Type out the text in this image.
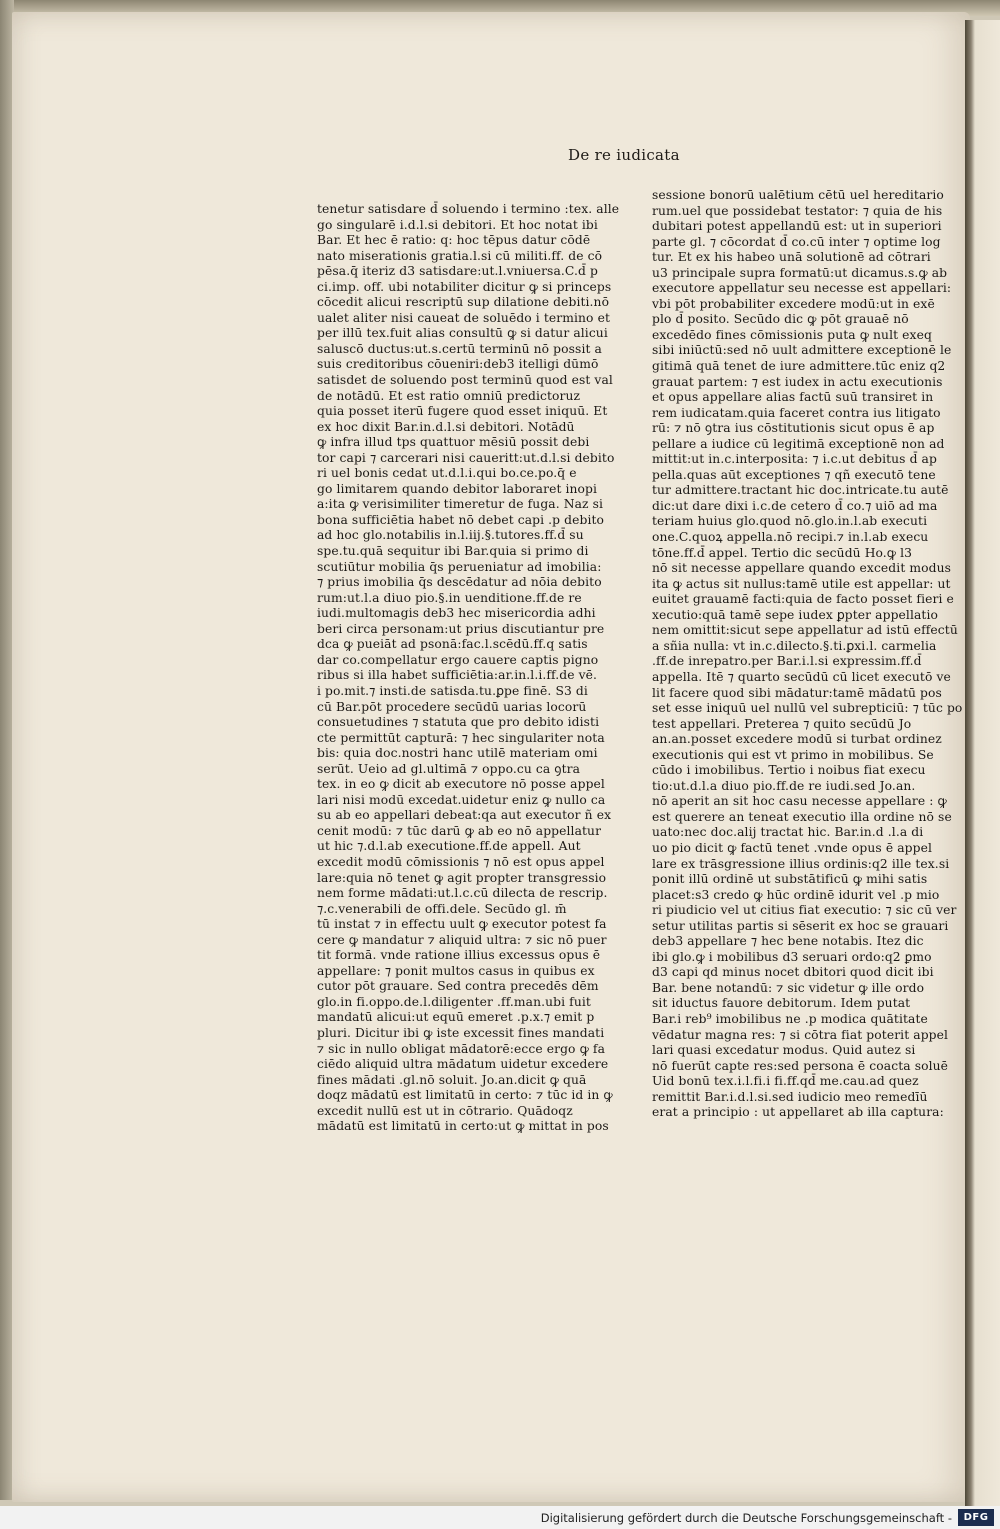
De re iudicata
tenetur satisdare d̄ soluendo i termino :tex. alle
go singularē i.d.l.si debitori. Et hoc notat ibi
Bar. Et hec ē ratio: q: hoc tēpus datur cōdē
nato miserationis gratia.l.si cū militi.ff. de cō
pēsa.q̄ iteriz d3 satisdare:ut.l.vniuersa.C.d̄ p
ci.imp. off. ubi notabiliter dicitur ꝙ si princeps
cōcedit alicui rescriptū sup dilatione debiti.nō
ualet aliter nisi caueat de soluēdo i termino et
per illū tex.fuit alias consultū ꝙ si datur alicui
saluscō ductus:ut.s.certū terminū nō possit a
suis creditoribus cōueniri:deb3 itelligi dūmō
satisdet de soluendo post terminū quod est val
de notādū. Et est ratio omniū predictoruz
quia posset iterū fugere quod esset iniquū. Et
ex hoc dixit Bar.in.d.l.si debitori. Notādū
ꝙ infra illud tps quattuor mēsiū possit debi
tor capi ⁊ carcerari nisi caueritt:ut.d.l.si debito
ri uel bonis cedat ut.d.l.i.qui bo.ce.po.q̄ e
go limitarem quando debitor laboraret inopi
a:ita ꝙ verisimiliter timeretur de fuga. Naz si
bona sufficiētia habet nō debet capi .p debito
ad hoc glo.notabilis in.l.iij.§.tutores.ff.d̄ su
spe.tu.quā sequitur ibi Bar.quia si primo di
scutiūtur mobilia q̄s perueniatur ad imobilia:
⁊ prius imobilia q̄s descēdatur ad nōia debito
rum:ut.l.a diuo pio.§.in uenditione.ff.de re
iudi.multomagis deb3 hec misericordia adhi
beri circa personam:ut prius discutiantur pre
dca ꝙ pueiāt ad psonā:fac.l.scēdū.ff.q satis
dar co.compellatur ergo cauere captis pigno
ribus si illa habet sufficiētia:ar.in.l.i.ff.de vē.
i po.mit.⁊ insti.de satisda.tu.ꝑpe finē. S3 di
cū Bar.pōt procedere secūdū uarias locorū
consuetudines ⁊ statuta que pro debito idisti
cte permittūt capturā: ⁊ hec singulariter nota
bis: quia doc.nostri hanc utilē materiam omi
serūt. Ueio ad gl.ultimā ⁊ oppo.cu ca ꝯtra
tex. in eo ꝙ dicit ab executore nō posse appel
lari nisi modū excedat.uidetur eniz ꝙ nullo ca
su ab eo appellari debeat:qa aut executor ñ ex
cenit modū: ⁊ tūc darū ꝙ ab eo nō appellatur
ut hic ⁊.d.l.ab executione.ff.de appell. Aut
excedit modū cōmissionis ⁊ nō est opus appel
lare:quia nō tenet ꝙ agit propter transgressio
nem forme mādati:ut.l.c.cū dilecta de rescrip.
⁊.c.venerabili de offi.dele. Secūdo gl. m̄
tū instat ⁊ in effectu uult ꝙ executor potest fa
cere ꝙ mandatur ⁊ aliquid ultra: ⁊ sic nō puer
tit formā. vnde ratione illius excessus opus ē
appellare: ⁊ ponit multos casus in quibus ex
cutor pōt grauare. Sed contra precedēs dēm
glo.in fi.oppo.de.l.diligenter .ff.man.ubi fuit
mandatū alicui:ut equū emeret .p.x.⁊ emit p
pluri. Dicitur ibi ꝙ iste excessit fines mandati
⁊ sic in nullo obligat mādatorē:ecce ergo ꝙ fa
ciēdo aliquid ultra mādatum uidetur excedere
fines mādati .gl.nō soluit. Jo.an.dicit ꝙ quā
doqz mādatū est limitatū in certo: ⁊ tūc id in ꝙ
excedit nullū est ut in cōtrario. Quādoqz
mādatū est limitatū in certo:ut ꝙ mittat in pos
sessione bonorū ualētium cētū uel hereditario
rum.uel que possidebat testator: ⁊ quia de his
dubitari potest appellandū est: ut in superiori
parte gl. ⁊ cōcordat d̄ co.cū inter ⁊ optime log
tur. Et ex his habeo unā solutionē ad cōtrari
u3 principale supra formatū:ut dicamus.s.ꝙ ab
executore appellatur seu necesse est appellari:
vbi pōt probabiliter excedere modū:ut in exē
plo d̄ posito. Secūdo dic ꝙ pōt grauaē nō
excedēdo fines cōmissionis puta ꝙ nult exeq
sibi iniūctū:sed nō uult admittere exceptionē le
gitimā quā tenet de iure admittere.tūc eniz q2
grauat partem: ⁊ est iudex in actu executionis
et opus appellare alias factū suū transiret in
rem iudicatam.quia faceret contra ius litigato
rū: ⁊ nō ꝯtra ius cōstitutionis sicut opus ē ap
pellare a iudice cū legitimā exceptionē non ad
mittit:ut in.c.interposita: ⁊ i.c.ut debitus d̄ ap
pella.quas aūt exceptiones ⁊ qñ executō tene
tur admittere.tractant hic doc.intricate.tu autē
dic:ut dare dixi i.c.de cetero d̄ co.⁊ uiō ad ma
teriam huius glo.quod nō.glo.in.l.ab executi
one.C.quoꝝ appella.nō recipi.⁊ in.l.ab execu
tōne.ff.d̄ appel. Tertio dic secūdū Ho.ꝙ l3
nō sit necesse appellare quando excedit modus
ita ꝙ actus sit nullus:tamē utile est appellar: ut
euitet grauamē facti:quia de facto posset fieri e
xecutio:quā tamē sepe iudex ꝑpter appellatio
nem omittit:sicut sepe appellatur ad istū effectū
a sñia nulla: vt in.c.dilecto.§.ti.ꝑxi.l. carmelia
.ff.de inrepatro.per Bar.i.l.si expressim.ff.d̄
appella. Itē ⁊ quarto secūdū cū licet executō ve
lit facere quod sibi mādatur:tamē mādatū pos
set esse iniquū uel nullū vel subrepticiū: ⁊ tūc po
test appellari. Preterea ⁊ quito secūdū Jo
an.an.posset excedere modū si turbat ordinez
executionis qui est vt primo in mobilibus. Se
cūdo i imobilibus. Tertio i noibus fiat execu
tio:ut.d.l.a diuo pio.ff.de re iudi.sed Jo.an.
nō aperit an sit hoc casu necesse appellare : ꝙ
est querere an teneat executio illa ordine nō se
uato:nec doc.alij tractat hic. Bar.in.d .l.a di
uo pio dicit ꝙ factū tenet .vnde opus ē appel
lare ex trāsgressione illius ordinis:q2 ille tex.si
ponit illū ordinē ut substātificū ꝙ mihi satis
placet:s3 credo ꝙ hūc ordinē idurit vel .p mio
ri piudicio vel ut citius fiat executio: ⁊ sic cū ver
setur utilitas partis si sēserit ex hoc se grauari
deb3 appellare ⁊ hec bene notabis. Itez dic
ibi glo.ꝙ i mobilibus d3 seruari ordo:q2 ꝑmo
d3 capi qd minus nocet dbitori quod dicit ibi
Bar. bene notandū: ⁊ sic videtur ꝙ ille ordo
sit iductus fauore debitorum. Idem putat
Bar.i reb⁹ imobilibus ne .p modica quātitate
vēdatur magna res: ⁊ si cōtra fiat poterit appel
lari quasi excedatur modus. Quid autez si
nō fuerūt capte res:sed persona ē coacta soluē
Uid bonū tex.i.l.fi.i fi.ff.qd̄ me.cau.ad quez
remittit Bar.i.d.l.si.sed iudicio meo remedīū
erat a principio : ut appellaret ab illa captura:
Digitalisierung gefördert durch die Deutsche Forschungsgemeinschaft -	DFG
